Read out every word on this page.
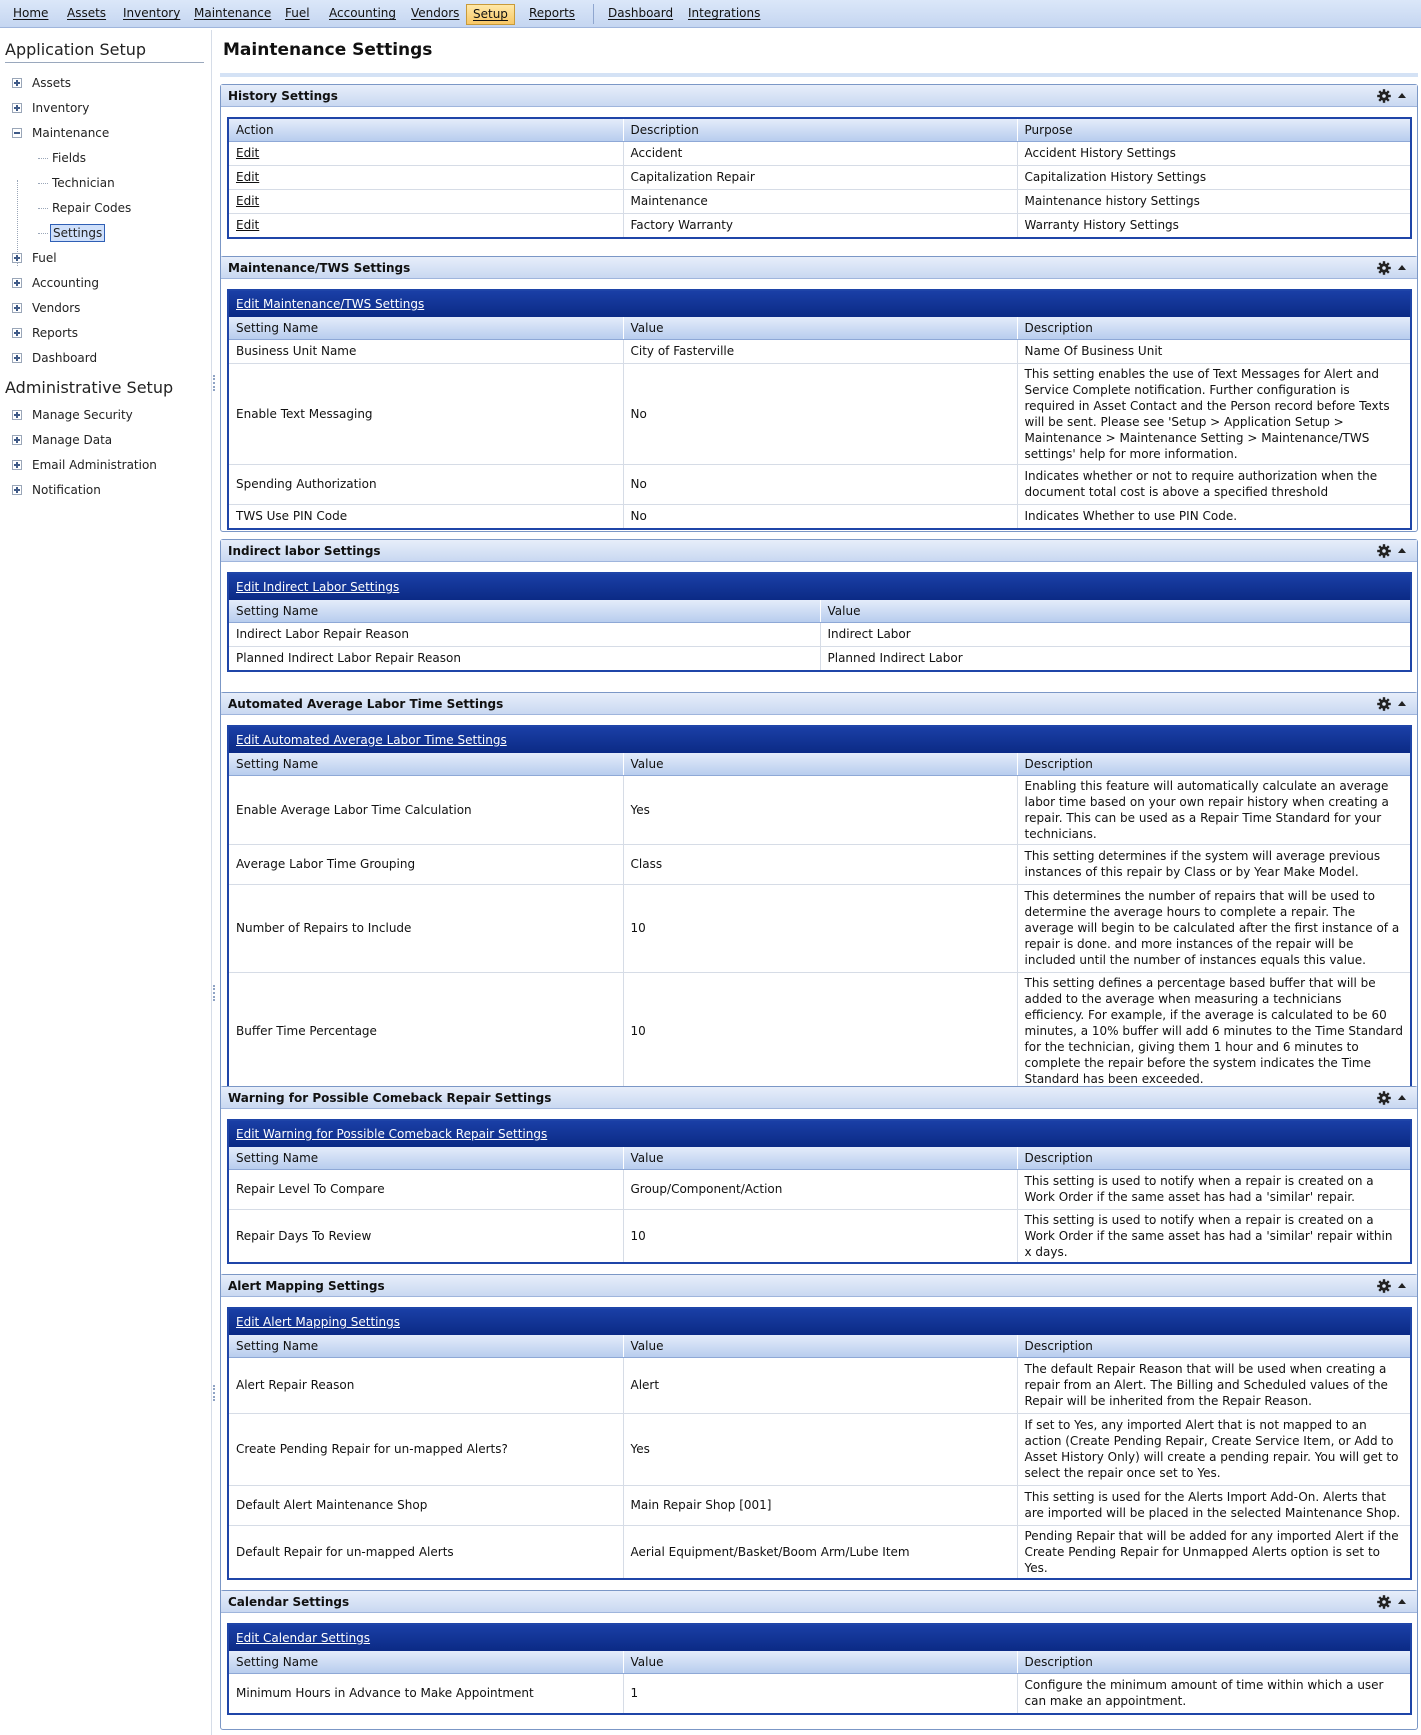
Home	Assets	Inventory	Maintenance	Fuel	Accounting	Vendors	Setup	Reports	Dashboard	Integrations
Application Setup
Assets
Inventory
Maintenance
Fields
Technician
Repair Codes
Settings
Fuel
Accounting
Vendors
Reports
Dashboard
Administrative Setup
Manage Security
Manage Data
Email Administration
Notification
Maintenance Settings
History Settings
Action	Description	Purpose
Edit	Accident	Accident History Settings
Edit	Capitalization Repair	Capitalization History Settings
Edit	Maintenance	Maintenance history Settings
Edit	Factory Warranty	Warranty History Settings
Maintenance/TWS Settings
Edit Maintenance/TWS Settings
Setting Name	Value	Description
Business Unit Name	City of Fasterville	Name Of Business Unit
Enable Text Messaging	No	This setting enables the use of Text Messages for Alert and Service Complete notification. Further configuration is required in Asset Contact and the Person record before Texts will be sent. Please see 'Setup > Application Setup > Maintenance > Maintenance Setting > Maintenance/TWS settings' help for more information.
Spending Authorization	No	Indicates whether or not to require authorization when the document total cost is above a specified threshold
TWS Use PIN Code	No	Indicates Whether to use PIN Code.
Indirect labor Settings
Edit Indirect Labor Settings
Setting Name	Value
Indirect Labor Repair Reason	Indirect Labor
Planned Indirect Labor Repair Reason	Planned Indirect Labor
Automated Average Labor Time Settings
Edit Automated Average Labor Time Settings
Setting Name	Value	Description
Enable Average Labor Time Calculation	Yes	Enabling this feature will automatically calculate an average labor time based on your own repair history when creating a repair. This can be used as a Repair Time Standard for your technicians.
Average Labor Time Grouping	Class	This setting determines if the system will average previous instances of this repair by Class or by Year Make Model.
Number of Repairs to Include	10	This determines the number of repairs that will be used to determine the average hours to complete a repair. The average will begin to be calculated after the first instance of a repair is done. and more instances of the repair will be included until the number of instances equals this value.
Buffer Time Percentage	10	This setting defines a percentage based buffer that will be added to the average when measuring a technicians efficiency. For example, if the average is calculated to be 60 minutes, a 10% buffer will add 6 minutes to the Time Standard for the technician, giving them 1 hour and 6 minutes to complete the repair before the system indicates the Time Standard has been exceeded.
Warning for Possible Comeback Repair Settings
Edit Warning for Possible Comeback Repair Settings
Setting Name	Value	Description
Repair Level To Compare	Group/Component/Action	This setting is used to notify when a repair is created on a Work Order if the same asset has had a 'similar' repair.
Repair Days To Review	10	This setting is used to notify when a repair is created on a Work Order if the same asset has had a 'similar' repair within x days.
Alert Mapping Settings
Edit Alert Mapping Settings
Setting Name	Value	Description
Alert Repair Reason	Alert	The default Repair Reason that will be used when creating a repair from an Alert. The Billing and Scheduled values of the Repair will be inherited from the Repair Reason.
Create Pending Repair for un-mapped Alerts?	Yes	If set to Yes, any imported Alert that is not mapped to an action (Create Pending Repair, Create Service Item, or Add to Asset History Only) will create a pending repair. You will get to select the repair once set to Yes.
Default Alert Maintenance Shop	Main Repair Shop [001]	This setting is used for the Alerts Import Add-On. Alerts that are imported will be placed in the selected Maintenance Shop.
Default Repair for un-mapped Alerts	Aerial Equipment/Basket/Boom Arm/Lube Item	Pending Repair that will be added for any imported Alert if the Create Pending Repair for Unmapped Alerts option is set to Yes.
Calendar Settings
Edit Calendar Settings
Setting Name	Value	Description
Minimum Hours in Advance to Make Appointment	1	Configure the minimum amount of time within which a user can make an appointment.
